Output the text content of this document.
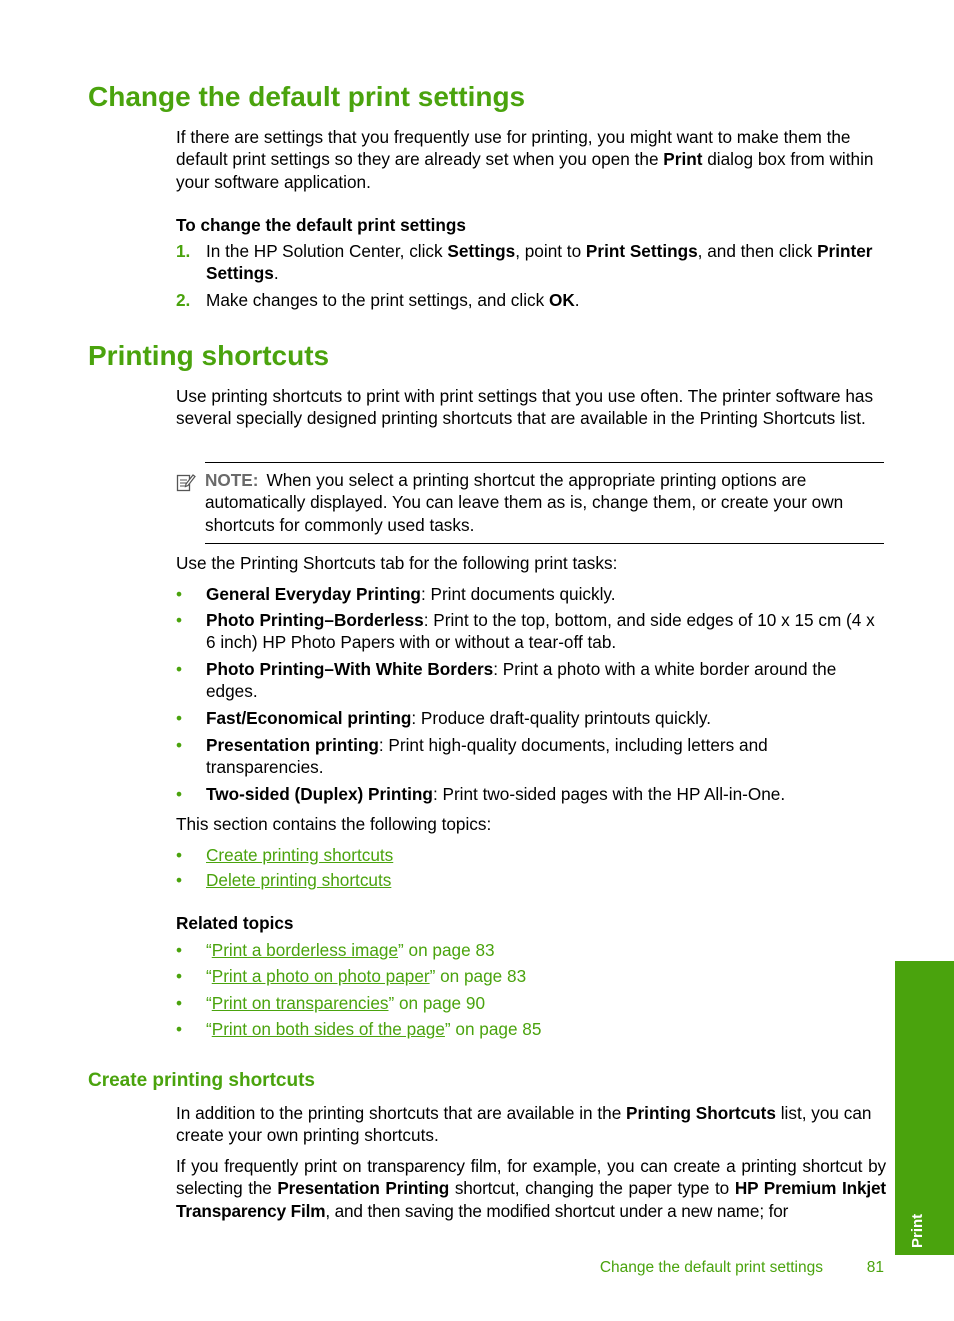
Change the default print settings

If there are settings that you frequently use for printing, you might want to make them the default print settings so they are already set when you open the Print dialog box from within your software application.

To change the default print settings
1. In the HP Solution Center, click Settings, point to Print Settings, and then click Printer Settings.
2. Make changes to the print settings, and click OK.
Printing shortcuts

Use printing shortcuts to print with print settings that you use often. The printer software has several specially designed printing shortcuts that are available in the Printing Shortcuts list.

NOTE: When you select a printing shortcut the appropriate printing options are automatically displayed. You can leave them as is, change them, or create your own shortcuts for commonly used tasks.

Use the Printing Shortcuts tab for the following print tasks:

• General Everyday Printing: Print documents quickly.
• Photo Printing–Borderless: Print to the top, bottom, and side edges of 10 x 15 cm (4 x 6 inch) HP Photo Papers with or without a tear-off tab.
• Photo Printing–With White Borders: Print a photo with a white border around the edges.
• Fast/Economical printing: Produce draft-quality printouts quickly.
• Presentation printing: Print high-quality documents, including letters and transparencies.
• Two-sided (Duplex) Printing: Print two-sided pages with the HP All-in-One.

This section contains the following topics:

• Create printing shortcuts
• Delete printing shortcuts
Related topics
• “Print a borderless image” on page 83
• “Print a photo on photo paper” on page 83
• “Print on transparencies” on page 90
• “Print on both sides of the page” on page 85
Create printing shortcuts

In addition to the printing shortcuts that are available in the Printing Shortcuts list, you can create your own printing shortcuts.

If you frequently print on transparency film, for example, you can create a printing shortcut by selecting the Presentation Printing shortcut, changing the paper type to HP Premium Inkjet Transparency Film, and then saving the modified shortcut under a new name; for

Print
Change the default print settings	81
